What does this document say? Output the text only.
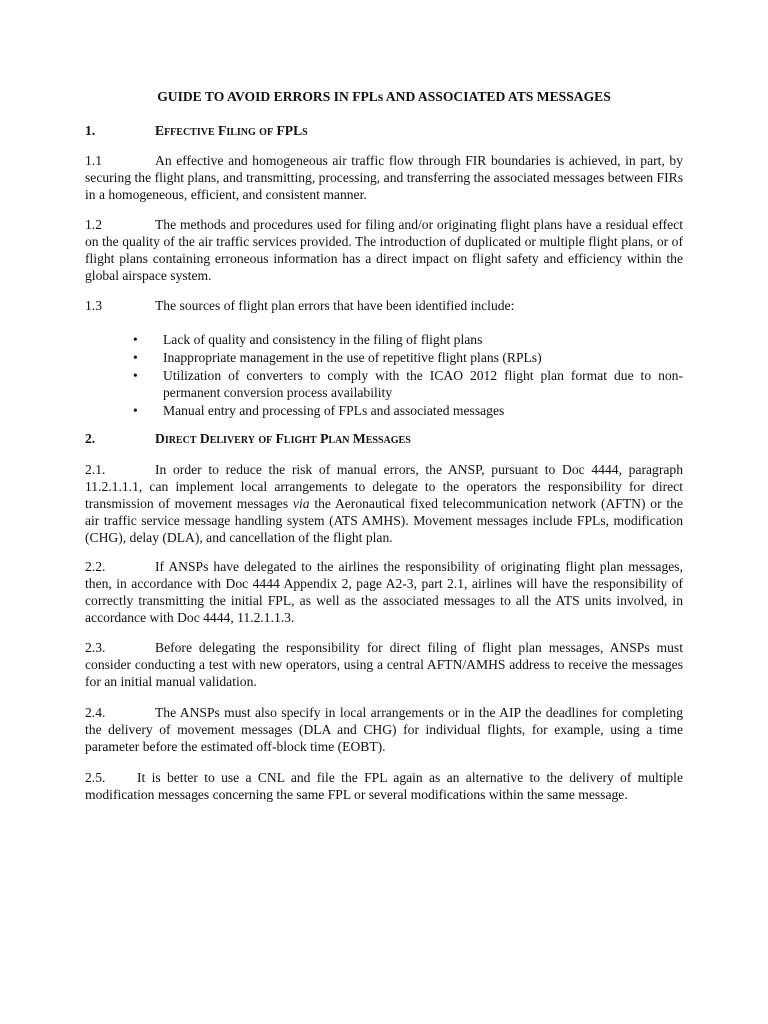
GUIDE TO AVOID ERRORS IN FPLs AND ASSOCIATED ATS MESSAGES
1.	Effective Filing of FPLs
1.1	An effective and homogeneous air traffic flow through FIR boundaries is achieved, in part, by securing the flight plans, and transmitting, processing, and transferring the associated messages between FIRs in a homogeneous, efficient, and consistent manner.
1.2	The methods and procedures used for filing and/or originating flight plans have a residual effect on the quality of the air traffic services provided. The introduction of duplicated or multiple flight plans, or of flight plans containing erroneous information has a direct impact on flight safety and efficiency within the global airspace system.
1.3	The sources of flight plan errors that have been identified include:
• Lack of quality and consistency in the filing of flight plans
• Inappropriate management in the use of repetitive flight plans (RPLs)
• Utilization of converters to comply with the ICAO 2012 flight plan format due to non-permanent conversion process availability
• Manual entry and processing of FPLs and associated messages
2.	Direct Delivery of Flight Plan Messages
2.1.	In order to reduce the risk of manual errors, the ANSP, pursuant to Doc 4444, paragraph 11.2.1.1.1, can implement local arrangements to delegate to the operators the responsibility for direct transmission of movement messages via the Aeronautical fixed telecommunication network (AFTN) or the air traffic service message handling system (ATS AMHS). Movement messages include FPLs, modification (CHG), delay (DLA), and cancellation of the flight plan.
2.2.	If ANSPs have delegated to the airlines the responsibility of originating flight plan messages, then, in accordance with Doc 4444 Appendix 2, page A2-3, part 2.1, airlines will have the responsibility of correctly transmitting the initial FPL, as well as the associated messages to all the ATS units involved, in accordance with Doc 4444, 11.2.1.1.3.
2.3.	Before delegating the responsibility for direct filing of flight plan messages, ANSPs must consider conducting a test with new operators, using a central AFTN/AMHS address to receive the messages for an initial manual validation.
2.4.	The ANSPs must also specify in local arrangements or in the AIP the deadlines for completing the delivery of movement messages (DLA and CHG) for individual flights, for example, using a time parameter before the estimated off-block time (EOBT).
2.5. It is better to use a CNL and file the FPL again as an alternative to the delivery of multiple modification messages concerning the same FPL or several modifications within the same message.
